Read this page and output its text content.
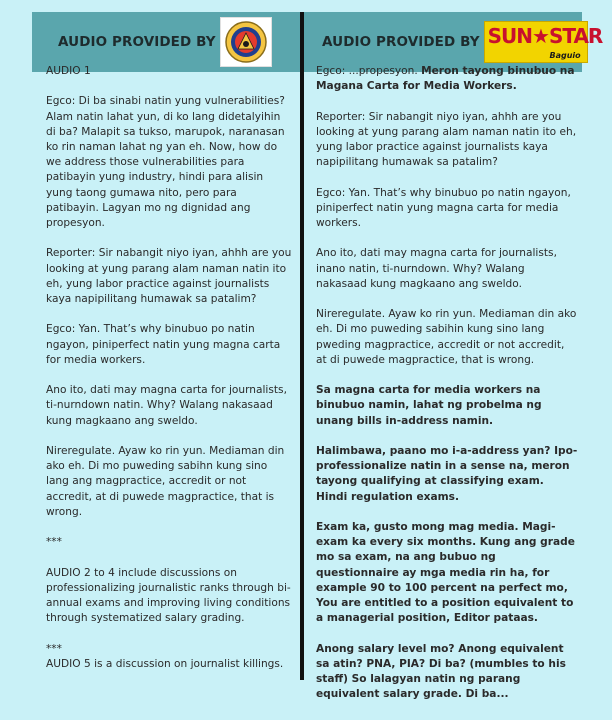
AUDIO PROVIDED BY	AUDIO PROVIDED BY SUN★STAR
Baguio

AUDIO 1

Egco: Di ba sinabi natin yung vulnerabilities? Alam natin lahat yun, di ko lang didetalyihin di ba? Malapit sa tukso, marupok, naranasan ko rin naman lahat ng yan eh. Now, how do we address those vulnerabilities para patibayin yung industry, hindi para alisin yung taong gumawa nito, pero para patibayin. Lagyan mo ng dignidad ang propesyon.

Reporter: Sir nabangit niyo iyan, ahhh are you looking at yung parang alam naman natin ito eh, yung labor practice against journalists kaya napipilitang humawak sa patalim?

Egco: Yan. That’s why binubuo po natin ngayon, piniperfect natin yung magna carta for media workers.

Ano ito, dati may magna carta for journalists, ti-nurndown natin. Why? Walang nakasaad kung magkaano ang sweldo.

Nireregulate. Ayaw ko rin yun. Mediaman din ako eh. Di mo puweding sabihn kung sino lang ang magpractice, accredit or not accredit, at di puwede magpractice, that is wrong.

***

AUDIO 2 to 4 include discussions on professionalizing journalistic ranks through bi-annual exams and improving living conditions through systematized salary grading.

***
AUDIO 5 is a discussion on journalist killings.

Egco: ...propesyon. Meron tayong binubuo na Magana Carta for Media Workers.

Reporter: Sir nabangit niyo iyan, ahhh are you looking at yung parang alam naman natin ito eh, yung labor practice against journalists kaya napipilitang humawak sa patalim?

Egco: Yan. That’s why binubuo po natin ngayon, piniperfect natin yung magna carta for media workers.

Ano ito, dati may magna carta for journalists, inano natin, ti-nurndown. Why? Walang nakasaad kung magkaano ang sweldo.

Nireregulate. Ayaw ko rin yun. Mediaman din ako eh. Di mo puweding sabihin kung sino lang pweding magpractice, accredit or not accredit, at di puwede magpractice, that is wrong.

Sa magna carta for media workers na binubuo namin, lahat ng probelma ng unang bills in-address namin.

Halimbawa, paano mo i-a-address yan? Ipo-professionalize natin in a sense na, meron tayong qualifying at classifying exam. Hindi regulation exams.

Exam ka, gusto mong mag media. Magi-exam ka every six months. Kung ang grade mo sa exam, na ang bubuo ng questionnaire ay mga media rin ha, for example 90 to 100 percent na perfect mo, You are entitled to a position equivalent to a managerial position, Editor pataas.

Anong salary level mo? Anong equivalent sa atin? PNA, PIA? Di ba? (mumbles to his staff) So lalagyan natin ng parang equivalent salary grade. Di ba...
